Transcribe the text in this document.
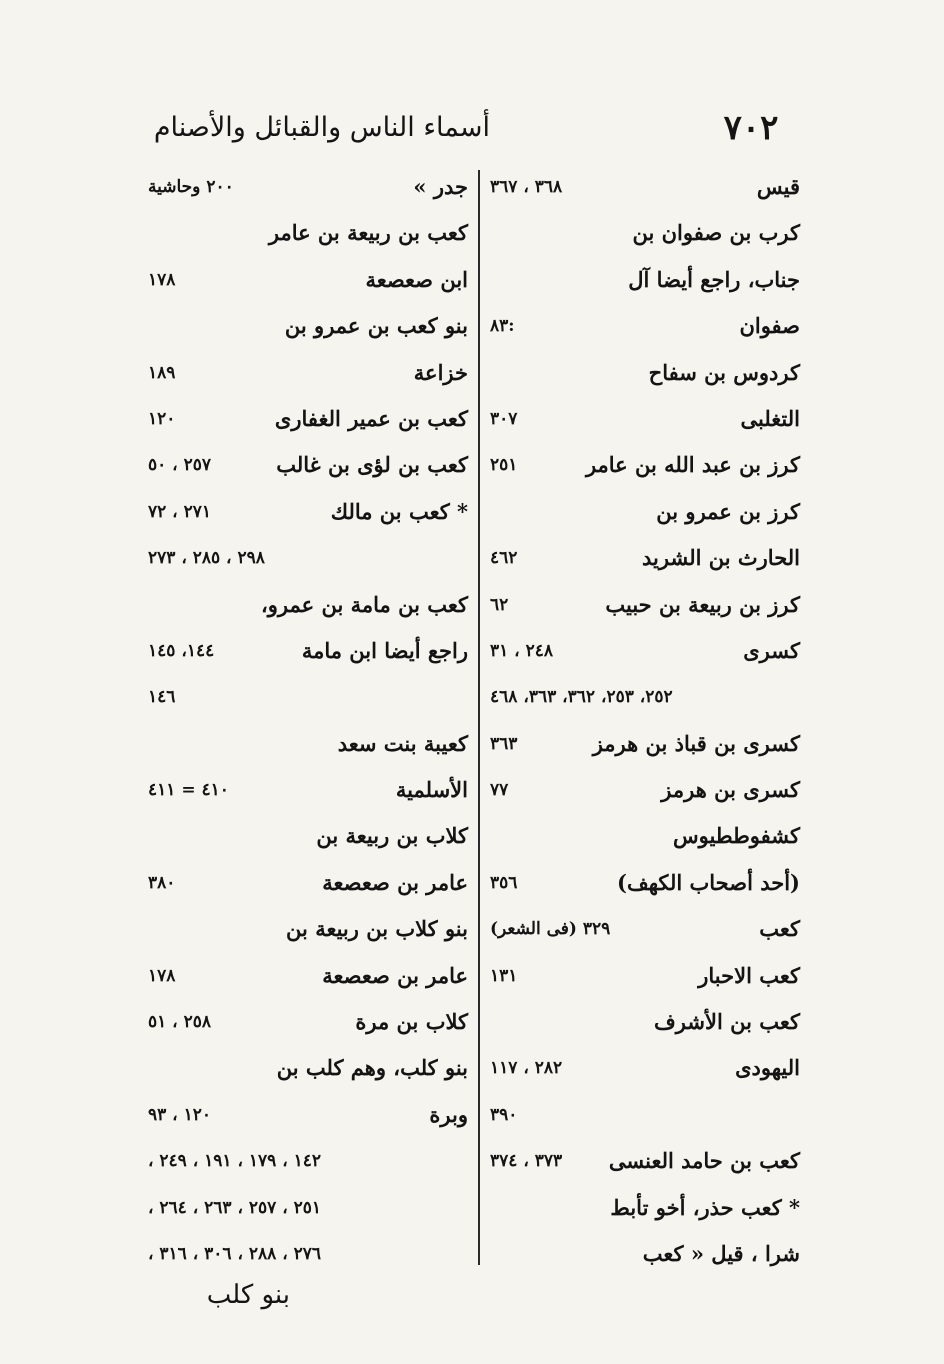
٧٠٢
أسماء الناس والقبائل والأصنام
قيس
٣٦٨ ، ٣٦٧
كرب بن صفوان بن
جناب، راجع أيضا آل
صفوان
:٨٣
كردوس بن سفاح
التغلبى
٣٠٧
كرز بن عبد الله بن عامر
٢٥١
كرز بن عمرو بن
الحارث بن الشريد
٤٦٢
كرز بن ربيعة بن حبيب
٦٢
كسرى
٢٤٨ ، ٣١
٢٥٢، ٢٥٣، ٣٦٢، ٣٦٣، ٤٦٨
كسرى بن قباذ بن هرمز
٣٦٣
كسرى بن هرمز
٧٧
كشفوططيوس
(أحد أصحاب الكهف)
٣٥٦
كعب
٣٢٩ (فى الشعر)
كعب الاحبار
١٣١
كعب بن الأشرف
اليهودى
٢٨٢ ، ١١٧
٣٩٠
كعب بن حامد العنسى
٣٧٣ ، ٣٧٤
* كعب حذر، أخو تأبط
شرا ، قيل « كعب
جدر »
٢٠٠ وحاشية
كعب بن ربيعة بن عامر
ابن صعصعة
١٧٨
بنو كعب بن عمرو بن
خزاعة
١٨٩
كعب بن عمير الغفارى
١٢٠
كعب بن لؤى بن غالب
٢٥٧ ، ٥٠
* كعب بن مالك
٢٧١ ، ٧٢
٢٩٨ ، ٢٨٥ ، ٢٧٣
كعب بن مامة بن عمرو،
راجع أيضا ابن مامة
١٤٤، ١٤٥
١٤٦
كعيبة بنت سعد
الأسلمية
٤١٠ = ٤١١
كلاب بن ربيعة بن
عامر بن صعصعة
٣٨٠
بنو كلاب بن ربيعة بن
عامر بن صعصعة
١٧٨
كلاب بن مرة
٢٥٨ ، ٥١
بنو كلب، وهم كلب بن
وبرة
١٢٠ ، ٩٣
١٤٢ ، ١٧٩ ، ١٩١ ، ٢٤٩ ،
٢٥١ ، ٢٥٧ ، ٢٦٣ ، ٢٦٤ ،
٢٧٦ ، ٢٨٨ ، ٣٠٦ ، ٣١٦ ،
بنو كلب
